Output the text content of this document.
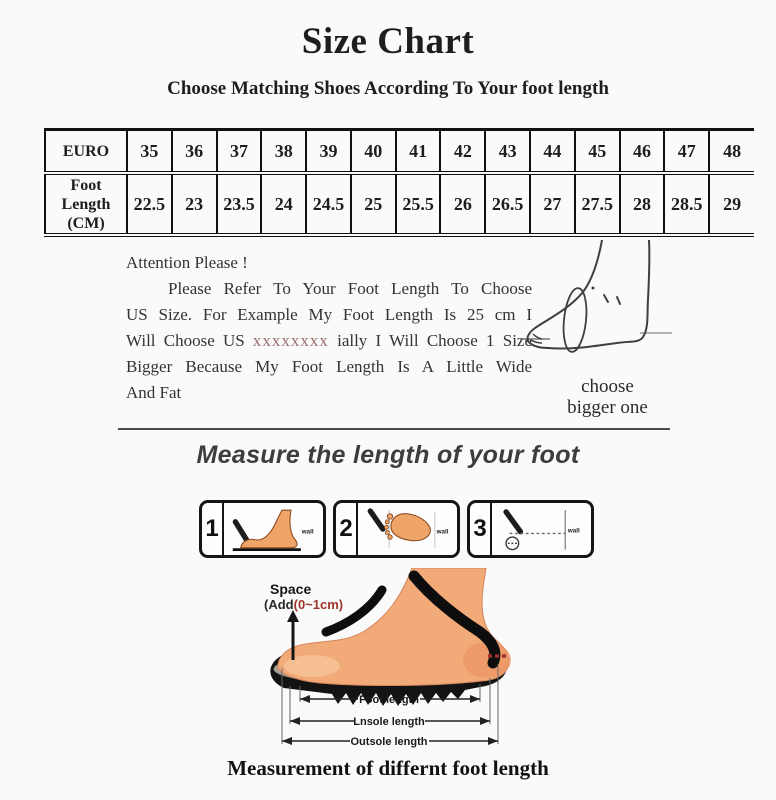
Size Chart
Choose Matching Shoes According To Your foot length
EURO	35	36	37	38	39	40	41	42	43	44	45	46	47	48
Foot Length (CM)	22.5	23	23.5	24	24.5	25	25.5	26	26.5	27	27.5	28	28.5	29
Attention Please !
Please Refer To Your Foot Length To Choose
US Size. For Example My Foot Length Is 25 cm I
Will Choose US xxxxxxxx ially I Will Choose 1 Size
Bigger Because My Foot Length Is A Little Wide
And Fat	choose
bigger one
Measure the length of your foot
1	wall 2	wall 3	wall
Space
(Add(0~1cm)
Foot length
Lnsole length
Outsole length
Measurement of differnt foot length
